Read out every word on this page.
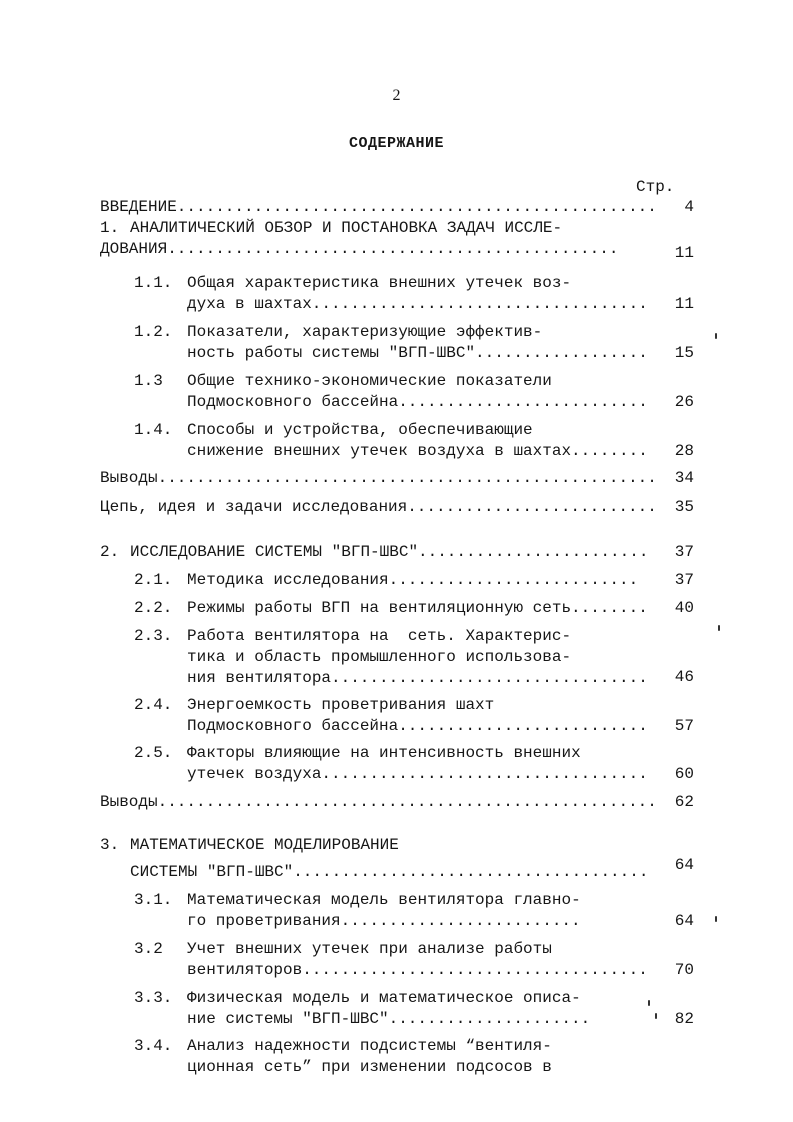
2
СОДЕРЖАНИЕ
Стр.
ВВЕДЕНИЕ ..................................................	4
1. АНАЛИТИЧЕСКИЙ ОБЗОР И ПОСТАНОВКА ЗАДАЧ ИССЛЕ-
ДОВАНИЯ ...............................................	11
1.1. Общая характеристика внешних утечек воз-
духа в шахтах ...................................	11
1.2. Показатели, характеризующие эффектив-
ность работы системы "ВГП-ШВС" ..................	15
1.3 Общие технико-экономические показатели
Подмосковного бассейна ..........................	26
1.4. Способы и устройства, обеспечивающие
снижение внешних утечек воздуха в шахтах ........	28
Выводы ....................................................	34
Цепь, идея и задачи исследования ..........................	35
2. ИССЛЕДОВАНИЕ СИСТЕМЫ "ВГП-ШВС" ........................	37
2.1. Методика исследования ..........................	37
2.2. Режимы работы ВГП на вентиляционную сеть ........	40
2.3. Работа вентилятора на  сеть. Характерис-
тика и область промышленного использова-
ния вентилятора .................................	46
2.4. Энергоемкость проветривания шахт
Подмосковного бассейна ..........................	57
2.5. Факторы влияющие на интенсивность внешних
утечек воздуха ..................................	60
Выводы ....................................................	62
3. МАТЕМАТИЧЕСКОЕ МОДЕЛИРОВАНИЕ
СИСТЕМЫ "ВГП-ШВС" .....................................	64
3.1. Математическая модель вентилятора главно-
го проветривания .........................	64
3.2 Учет внешних утечек при анализе работы
вентиляторов ....................................	70
3.3. Физическая модель и математическое описа-
ние системы "ВГП-ШВС" .....................	82
3.4. Анализ надежности подсистемы “вентиля-
ционная сеть” при изменении подсосов в
